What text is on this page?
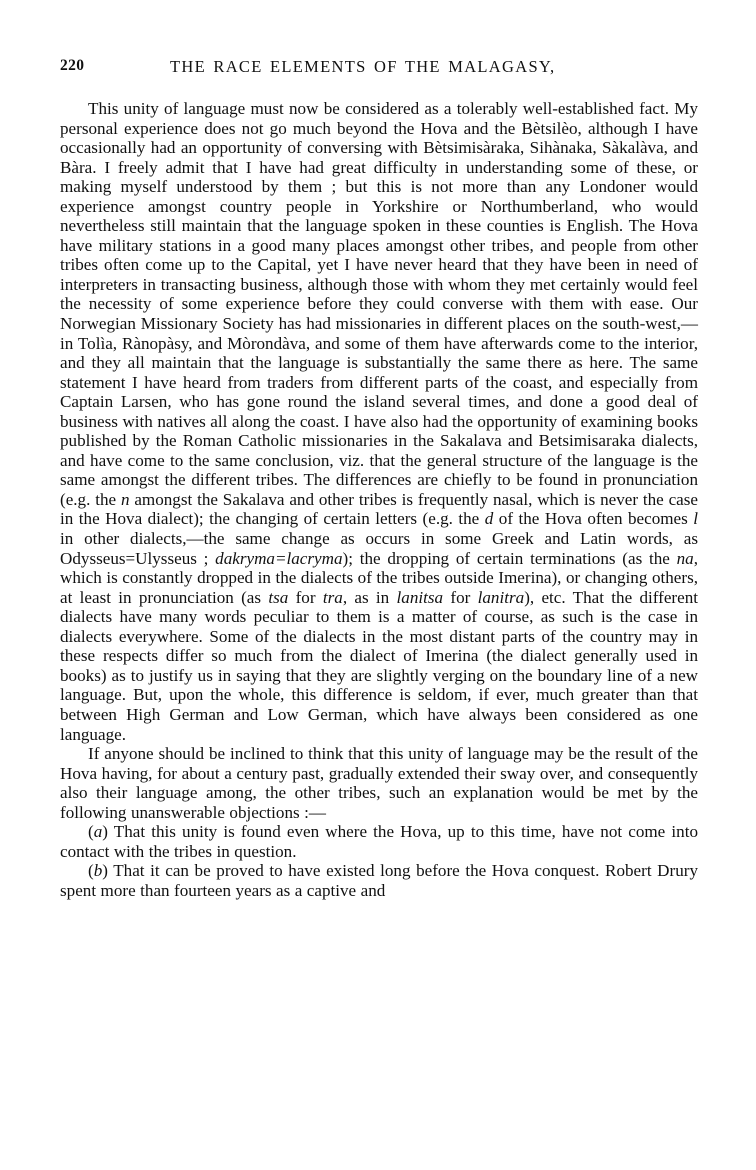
220	THE RACE ELEMENTS OF THE MALAGASY,

This unity of language must now be considered as a tolerably well-established fact. My personal experience does not go much beyond the Hova and the Bètsilèo, although I have occasionally had an opportunity of conversing with Bètsimisàraka, Sihànaka, Sàkalàva, and Bàra. I freely admit that I have had great difficulty in understanding some of these, or making myself understood by them ; but this is not more than any Londoner would experience amongst country people in Yorkshire or Northumberland, who would nevertheless still maintain that the language spoken in these counties is English. The Hova have military stations in a good many places amongst other tribes, and people from other tribes often come up to the Capital, yet I have never heard that they have been in need of interpreters in transacting business, although those with whom they met certainly would feel the necessity of some experience before they could converse with them with ease. Our Norwegian Missionary Society has had missionaries in different places on the south-west,—in Tolìa, Rànopàsy, and Mòrondàva, and some of them have afterwards come to the interior, and they all maintain that the language is substantially the same there as here. The same statement I have heard from traders from different parts of the coast, and especially from Captain Larsen, who has gone round the island several times, and done a good deal of business with natives all along the coast. I have also had the opportunity of examining books published by the Roman Catholic missionaries in the Sakalava and Betsimisaraka dialects, and have come to the same conclusion, viz. that the general structure of the language is the same amongst the different tribes. The differences are chiefly to be found in pronunciation (e.g. the n amongst the Sakalava and other tribes is frequently nasal, which is never the case in the Hova dialect); the changing of certain letters (e.g. the d of the Hova often becomes l in other dialects,—the same change as occurs in some Greek and Latin words, as Odysseus=Ulysseus ; dakryma=lacryma); the dropping of certain terminations (as the na, which is constantly dropped in the dialects of the tribes outside Imerina), or changing others, at least in pronunciation (as tsa for tra, as in lanitsa for lanitra), etc. That the different dialects have many words peculiar to them is a matter of course, as such is the case in dialects everywhere. Some of the dialects in the most distant parts of the country may in these respects differ so much from the dialect of Imerina (the dialect generally used in books) as to justify us in saying that they are slightly verging on the boundary line of a new language. But, upon the whole, this difference is seldom, if ever, much greater than that between High German and Low German, which have always been considered as one language.

If anyone should be inclined to think that this unity of language may be the result of the Hova having, for about a century past, gradually extended their sway over, and consequently also their language among, the other tribes, such an explanation would be met by the following unanswerable objections :—

(a) That this unity is found even where the Hova, up to this time, have not come into contact with the tribes in question.

(b) That it can be proved to have existed long before the Hova conquest. Robert Drury spent more than fourteen years as a captive and
